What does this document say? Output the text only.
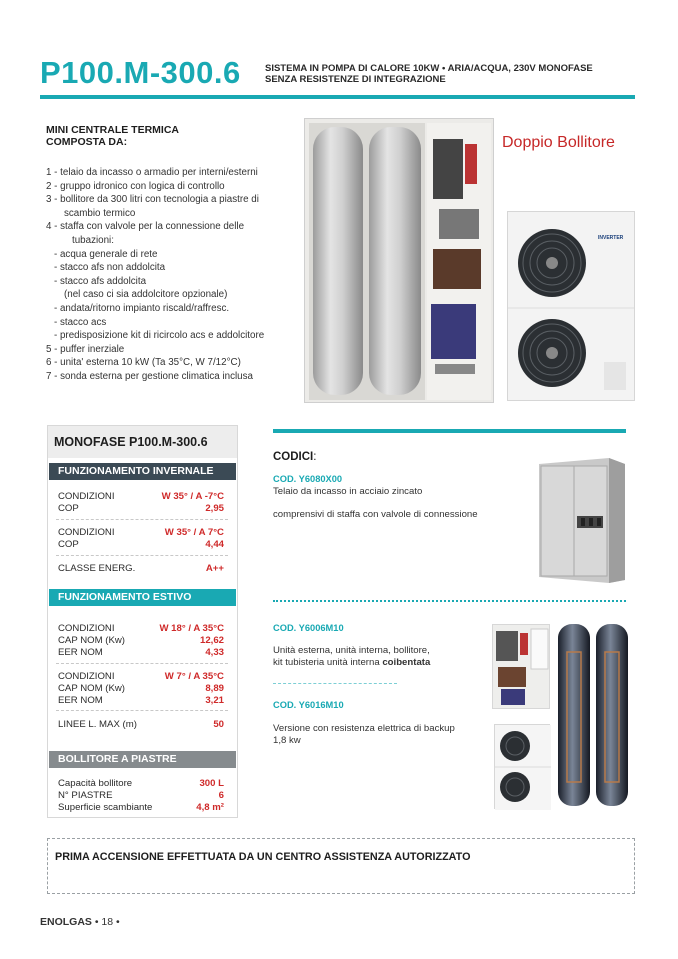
P100.M-300.6	SISTEMA IN POMPA DI CALORE 10KW • ARIA/ACQUA, 230V MONOFASE
SENZA RESISTENZE DI INTEGRAZIONE
MINI CENTRALE TERMICA
COMPOSTA DA:
1 - telaio da incasso o armadio per interni/esterni
2 - gruppo idronico con logica di controllo
3 - bollitore da 300 litri con tecnologia a piastre di
scambio termico
4 - staffa con valvole per la connessione delle
tubazioni:
- acqua generale di rete
- stacco afs non addolcita
- stacco afs addolcita
(nel caso ci sia addolcitore opzionale)
- andata/ritorno impianto riscald/raffresc.
- stacco acs
- predisposizione kit di ricircolo acs e addolcitore
5 - puffer inerziale
6 - unita' esterna 10 kW (Ta 35°C, W 7/12°C)
7 - sonda esterna per gestione climatica inclusa
Doppio Bollitore
INVERTER
MONOFASE P100.M-300.6
FUNZIONAMENTO INVERNALE
CONDIZIONI	W 35° / A -7°C
COP	2,95
CONDIZIONI	W 35° / A 7°C
COP	4,44
CLASSE ENERG.	A++
FUNZIONAMENTO ESTIVO
CONDIZIONI	W 18° / A 35°C
CAP NOM (Kw)	12,62
EER NOM	4,33
CONDIZIONI	W 7° / A 35°C
CAP NOM (Kw)	8,89
EER NOM	3,21
LINEE L. MAX (m)	50
BOLLITORE A PIASTRE
Capacità bollitore	300 L
N° PIASTRE	6
Superficie scambiante	4,8 m²
CODICI:
COD. Y6080X00
Telaio da incasso in acciaio zincato
comprensivi di staffa con valvole di connessione
COD. Y6006M10
Unità esterna, unità interna, bollitore,
kit tubisteria unità interna coibentata
COD. Y6016M10
Versione con resistenza elettrica di backup 1,8 kw
PRIMA ACCENSIONE EFFETTUATA DA UN CENTRO ASSISTENZA AUTORIZZATO
ENOLGAS • 18 •
